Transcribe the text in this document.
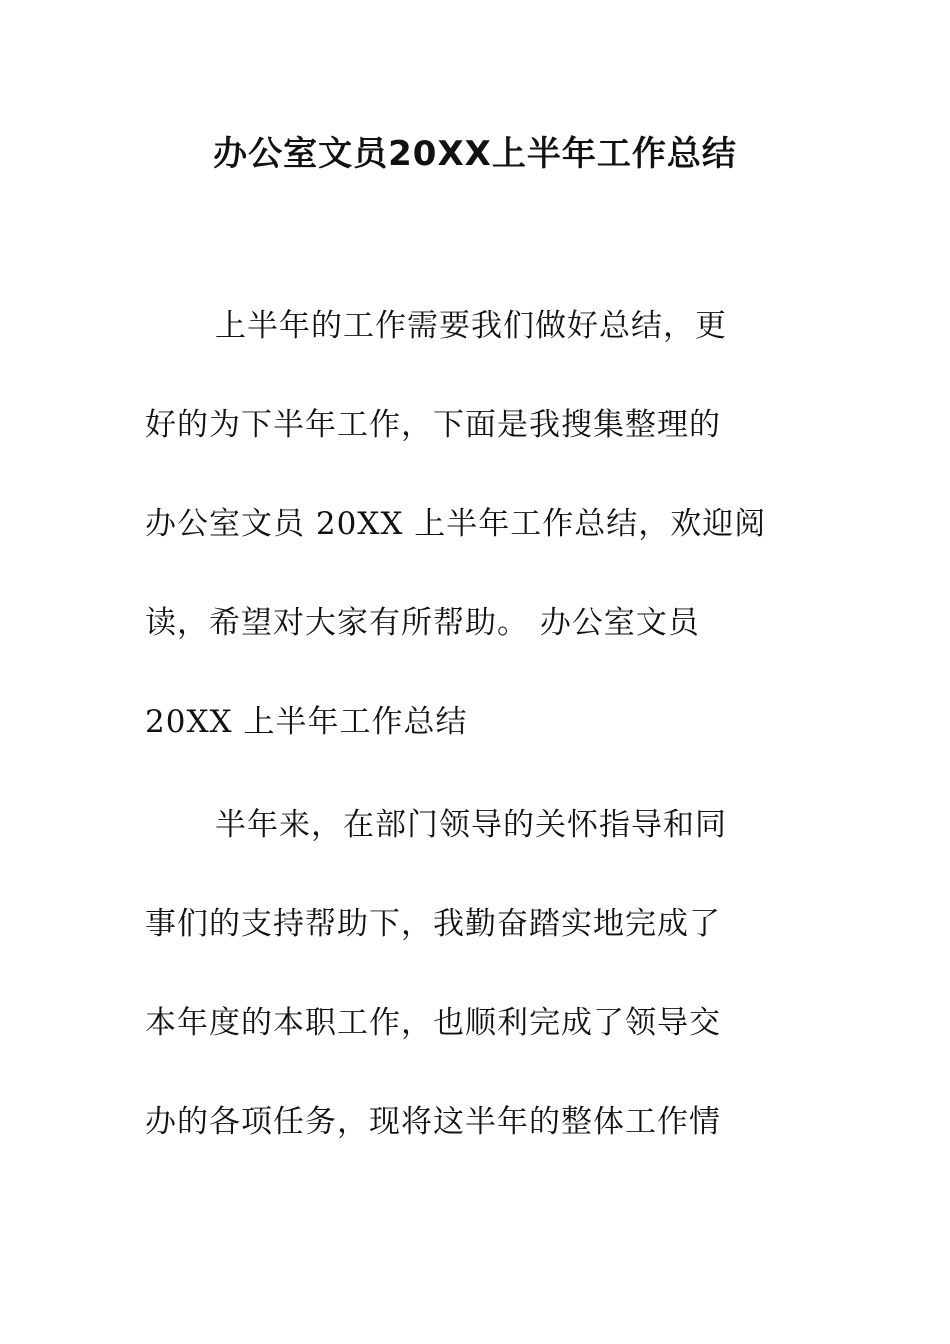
办公室文员20XX上半年工作总结

上半年的工作需要我们做好总结，更

好的为下半年工作，下面是我搜集整理的

办公室文员 20XX 上半年工作总结，欢迎阅

读，希望对大家有所帮助。 办公室文员

20XX 上半年工作总结

半年来，在部门领导的关怀指导和同

事们的支持帮助下，我勤奋踏实地完成了

本年度的本职工作，也顺利完成了领导交

办的各项任务，现将这半年的整体工作情
